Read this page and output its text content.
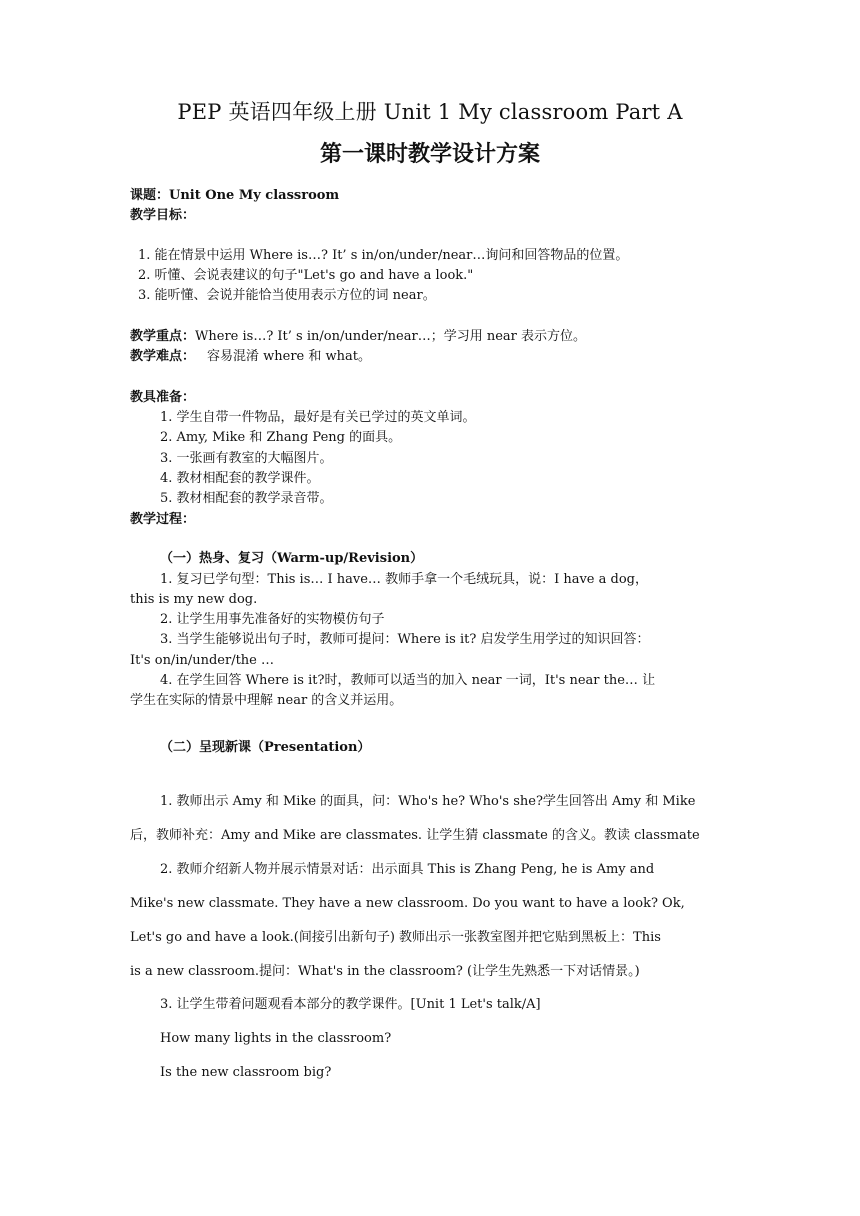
PEP 英语四年级上册 Unit 1 My classroom Part A
第一课时教学设计方案
课题：Unit One My classroom
教学目标：
1. 能在情景中运用 Where is…? It’ s in/on/under/near…询问和回答物品的位置。
2. 听懂、会说表建议的句子"Let's go and have a look."
3. 能听懂、会说并能恰当使用表示方位的词 near。
教学重点：Where is…? It’ s in/on/under/near…；学习用 near 表示方位。
教学难点： 容易混淆 where 和 what。
教具准备：
1. 学生自带一件物品，最好是有关已学过的英文单词。
2. Amy, Mike 和 Zhang Peng 的面具。
3. 一张画有教室的大幅图片。
4. 教材相配套的教学课件。
5. 教材相配套的教学录音带。
教学过程：
（一）热身、复习（Warm-up/Revision）
1. 复习已学句型：This is… I have… 教师手拿一个毛绒玩具，说：I have a dog，
this is my new dog.
2. 让学生用事先准备好的实物模仿句子
3. 当学生能够说出句子时，教师可提问：Where is it? 启发学生用学过的知识回答：
It's on/in/under/the …
4. 在学生回答 Where is it?时，教师可以适当的加入 near 一词，It's near the… 让
学生在实际的情景中理解 near 的含义并运用。
（二）呈现新课（Presentation）
1. 教师出示 Amy 和 Mike 的面具，问：Who's he? Who's she?学生回答出 Amy 和 Mike
后，教师补充：Amy and Mike are classmates. 让学生猜 classmate 的含义。教读 classmate
2. 教师介绍新人物并展示情景对话：出示面具 This is Zhang Peng, he is Amy and
Mike's new classmate. They have a new classroom. Do you want to have a look? Ok,
Let's go and have a look.(间接引出新句子) 教师出示一张教室图并把它贴到黑板上：This
is a new classroom.提问：What's in the classroom? (让学生先熟悉一下对话情景。)
3. 让学生带着问题观看本部分的教学课件。[Unit 1 Let's talk/A]
How many lights in the classroom?
Is the new classroom big?
